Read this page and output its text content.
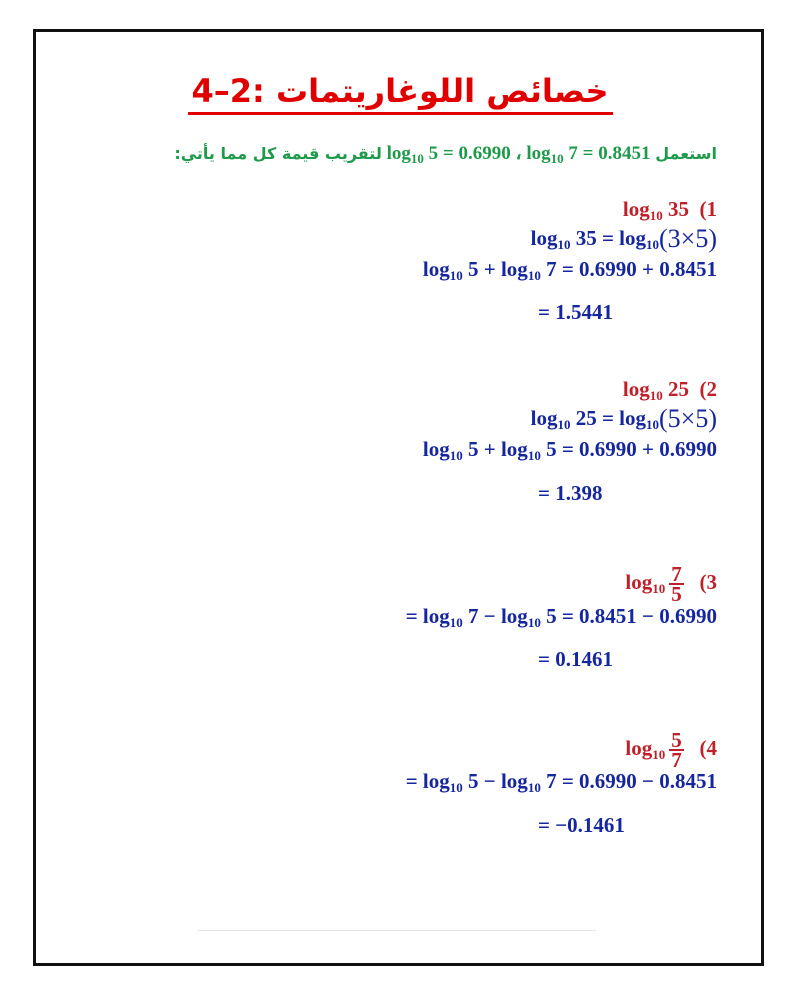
4–2: خصائص اللوغاريتمات
استعمل $\log_{10} 7 = 0.8451$ ، $\log_{10} 5 = 0.6990$ لتقريب قيمة كل مما يأتي:
$\log_{10} 35$ (1
$\log_{10} 35 = \log_{10}(3\times 5)$
$\log_{10} 5 + \log_{10} 7 = 0.6990 + 0.8451$
= 1.5441
$\log_{10} 25$ (2
$\log_{10} 25 = \log_{10}(5\times 5)$
$\log_{10} 5 + \log_{10} 5 = 0.6990 + 0.6990$
= 1.398
$\log_{10} \frac{7}{5} (3$
= $\log_{10} 7 - \log_{10} 5 = 0.8451 - 0.6990$
= 0.1461
$\log_{10} \frac{5}{7} (4$
= $\log_{10} 5 - \log_{10} 7 = 0.6990 - 0.8451$
= −0.1461
